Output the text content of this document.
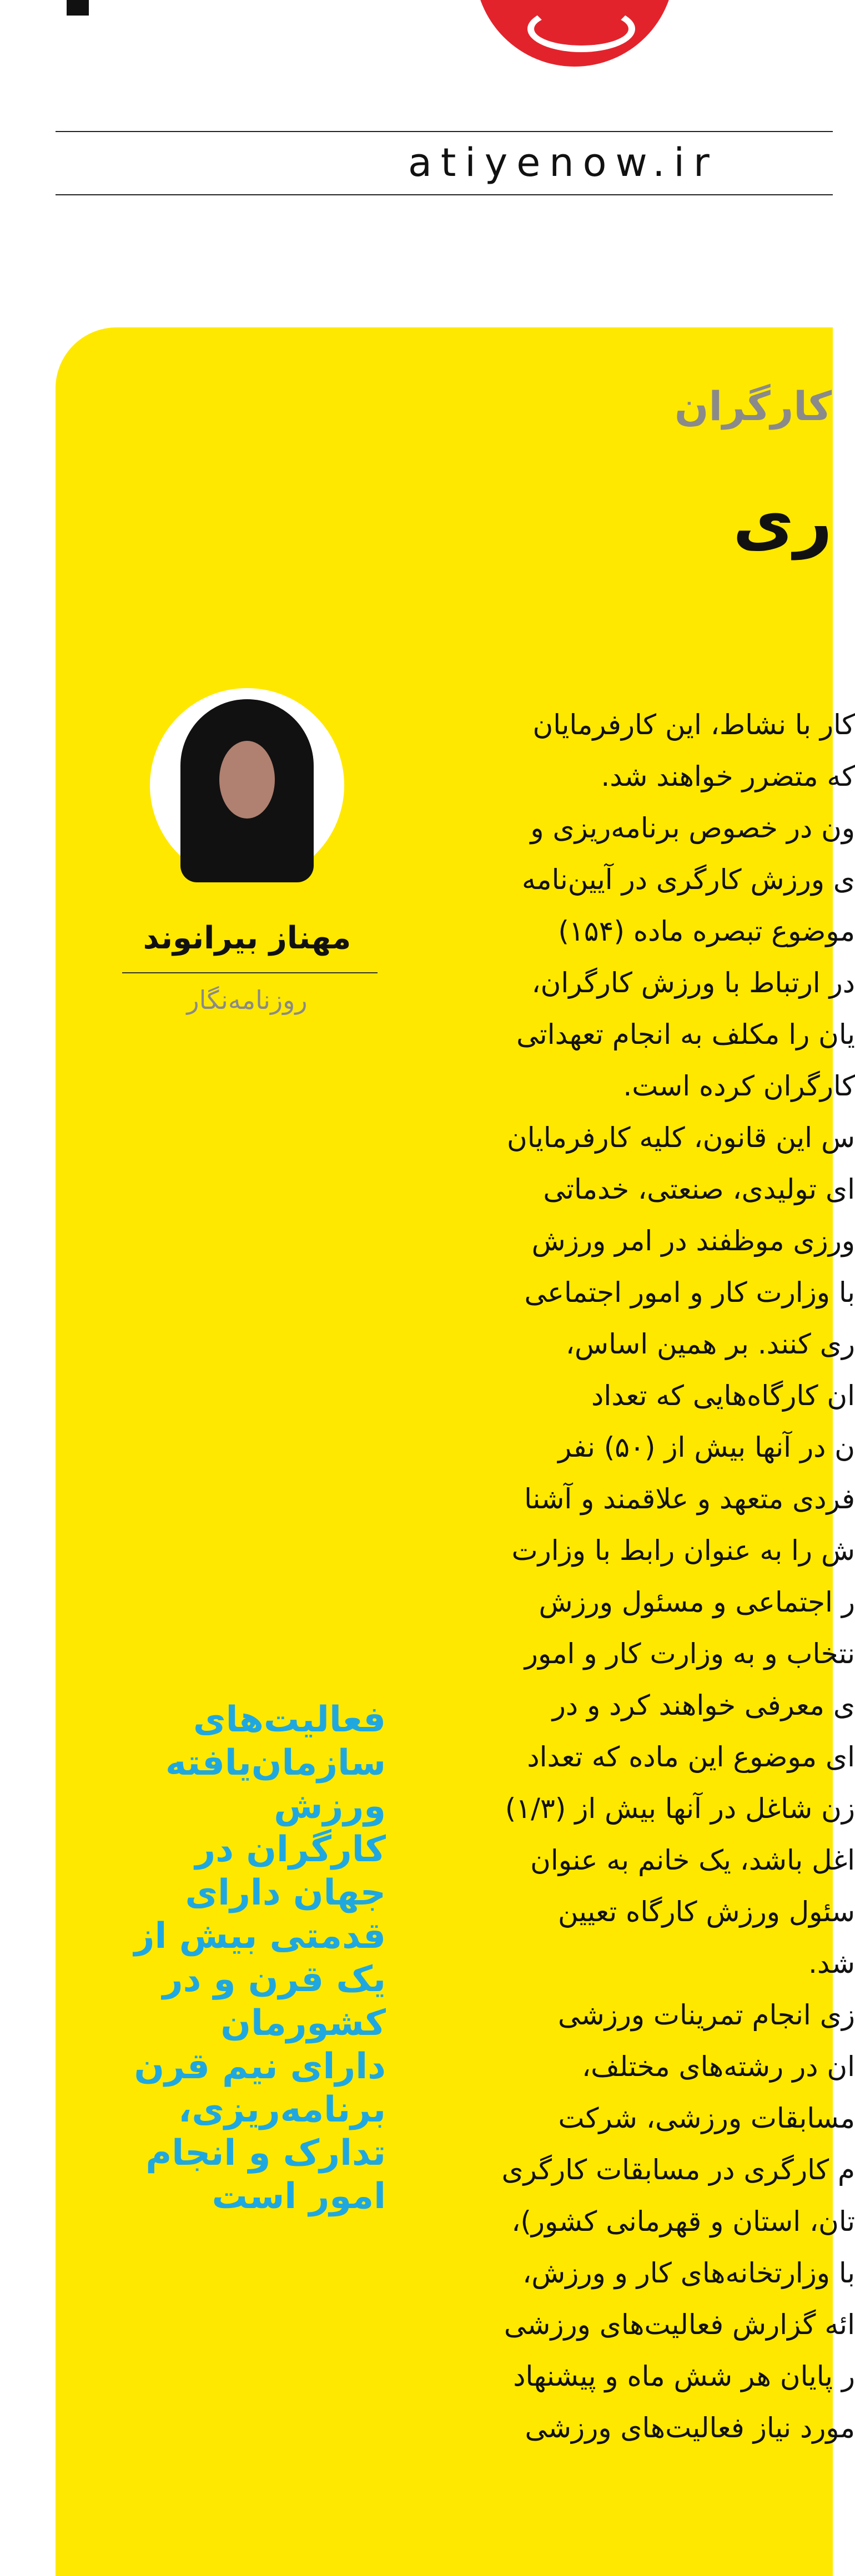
atiyenow.ir
کارگران
ری
مهناز بیرانوند
روزنامه‌نگار
فعالیت‌های سازمان‌یافته ورزش کارگران در جهان دارای قدمتی بیش از یک قرن و در کشورمان دارای نیم قرن برنامه‌ریزی، تدارک و انجام امور است

کار با نشاط، این کارفرمایان

که متضرر خواهند شد.

ون در خصوص برنامه‌ریزی و

ی ورزش کارگری در آیین‌نامه

موضوع تبصره ماده (۱۵۴)

در ارتباط با ورزش کارگران،

یان را مکلف به انجام تعهداتی

کارگران کرده است.

س این قانون، کلیه کارفرمایان

ای تولیدی، صنعتی، خدماتی

ورزی موظفند در امر ورزش

با وزارت کار و امور اجتماعی

ری کنند. بر همین اساس،

ان کارگاه‌هایی که تعداد

ن در آنها بیش از (۵۰) نفر

فردی متعهد و علاقمند و آشنا

ش را به عنوان رابط با وزارت

ر اجتماعی و مسئول ورزش

نتخاب و به وزارت کار و امور

ی معرفی خواهند کرد و در

ای موضوع این ماده که تعداد

زن شاغل در آنها بیش از (۱/۳)

اغل باشد، یک خانم به عنوان

سئول ورزش کارگاه تعیین

شد.

زی انجام تمرینات ورزشی

ان در رشته‌های مختلف،

مسابقات ورزشی، شرکت

م کارگری در مسابقات کارگری

تان، استان و قهرمانی کشور)،

با وزارتخانه‌های کار و ورزش،

ائه گزارش فعالیت‌های ورزشی

ر پایان هر شش ماه و پیشنهاد

مورد نیاز فعالیت‌های ورزشی
